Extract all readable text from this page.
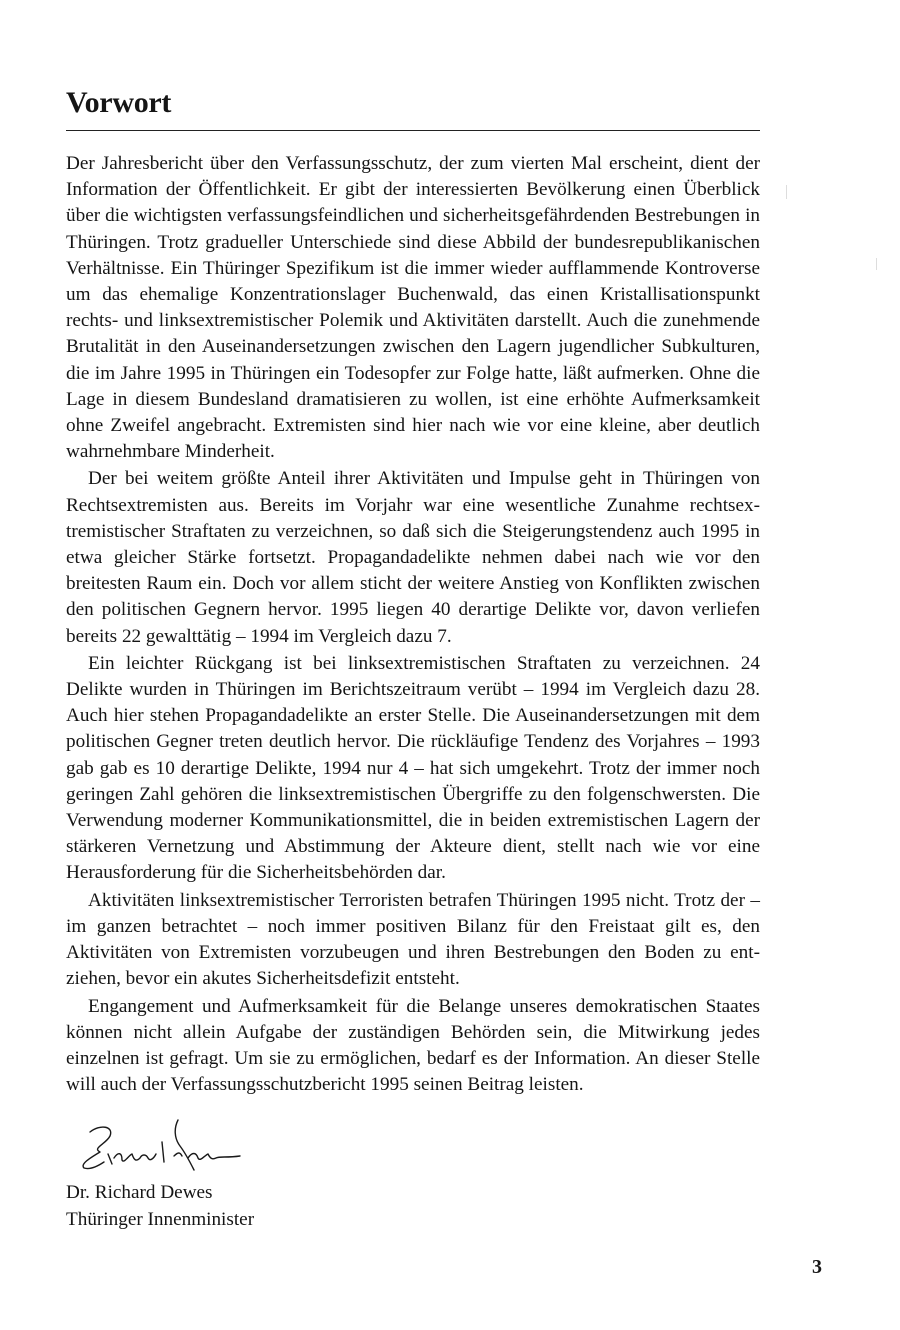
Vorwort

Der Jahresbericht über den Verfassungsschutz, der zum vierten Mal erscheint, dient der Information der Öffentlichkeit. Er gibt der interessierten Bevölkerung einen Überblick über die wichtigsten verfassungsfeindlichen und sicherheitsgefährdenden Bestrebungen in Thüringen. Trotz gradueller Unterschiede sind diese Abbild der bundesrepublikanischen Verhältnisse. Ein Thüringer Spezifikum ist die immer wieder aufflammende Kontroverse um das ehemalige Konzentrationslager Buchenwald, das einen Kristallisationspunkt rechts- und linksextremistischer Polemik und Aktivitäten darstellt. Auch die zunehmende Brutalität in den Auseinandersetzungen zwischen den Lagern jugendlicher Subkulturen, die im Jahre 1995 in Thüringen ein Todesopfer zur Folge hatte, läßt aufmerken. Ohne die Lage in diesem Bundesland dramatisieren zu wollen, ist eine erhöhte Aufmerksamkeit ohne Zweifel angebracht. Extremisten sind hier nach wie vor eine kleine, aber deutlich wahrnehmbare Minderheit.

Der bei weitem größte Anteil ihrer Aktivitäten und Impulse geht in Thüringen von Rechtsextremisten aus. Bereits im Vorjahr war eine wesentliche Zunahme rechtsextremistischer Straftaten zu verzeichnen, so daß sich die Steigerungstendenz auch 1995 in etwa gleicher Stärke fortsetzt. Propagandadelikte nehmen dabei nach wie vor den breitesten Raum ein. Doch vor allem sticht der weitere Anstieg von Konflikten zwischen den politischen Gegnern hervor. 1995 liegen 40 derartige Delikte vor, davon verliefen bereits 22 gewalttätig – 1994 im Vergleich dazu 7.

Ein leichter Rückgang ist bei linksextremistischen Straftaten zu verzeichnen. 24 Delikte wurden in Thüringen im Berichtszeitraum verübt – 1994 im Vergleich dazu 28. Auch hier stehen Propagandadelikte an erster Stelle. Die Auseinandersetzungen mit dem politischen Gegner treten deutlich hervor. Die rückläufige Tendenz des Vorjahres – 1993 gab gab es 10 derartige Delikte, 1994 nur 4 – hat sich umgekehrt. Trotz der immer noch geringen Zahl gehören die linksextremistischen Übergriffe zu den folgenschwersten. Die Verwendung moderner Kommunikationsmittel, die in beiden extremistischen Lagern der stärkeren Vernetzung und Abstimmung der Akteure dient, stellt nach wie vor eine Herausforderung für die Sicherheitsbehörden dar.

Aktivitäten linksextremistischer Terroristen betrafen Thüringen 1995 nicht. Trotz der – im ganzen betrachtet – noch immer positiven Bilanz für den Freistaat gilt es, den Aktivitäten von Extremisten vorzubeugen und ihren Bestrebungen den Boden zu entziehen, bevor ein akutes Sicherheitsdefizit entsteht.

Engangement und Aufmerksamkeit für die Belange unseres demokratischen Staates können nicht allein Aufgabe der zuständigen Behörden sein, die Mitwirkung jedes einzelnen ist gefragt. Um sie zu ermöglichen, bedarf es der Information. An dieser Stelle will auch der Verfassungsschutzbericht 1995 seinen Beitrag leisten.

Dr. Richard Dewes
Thüringer Innenminister
3
